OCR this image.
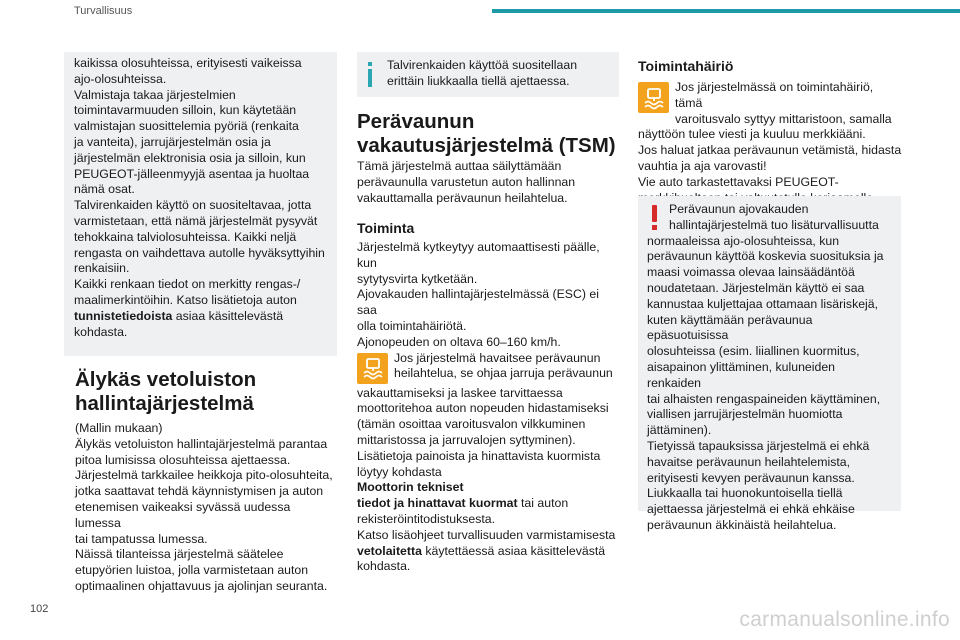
Turvallisuus

kaikissa olosuhteissa, erityisesti vaikeissa

ajo-olosuhteissa.

Valmistaja takaa järjestelmien

toimintavarmuuden silloin, kun käytetään

valmistajan suosittelemia pyöriä (renkaita

ja vanteita), jarrujärjestelmän osia ja

järjestelmän elektronisia osia ja silloin, kun

PEUGEOT-jälleenmyyjä asentaa ja huoltaa

nämä osat.

Talvirenkaiden käyttö on suositeltavaa, jotta

varmistetaan, että nämä järjestelmät pysyvät

tehokkaina talviolosuhteissa. Kaikki neljä

rengasta on vaihdettava autolle hyväksyttyihin

renkaisiin.

Kaikki renkaan tiedot on merkitty rengas-/

maalimerkintöihin. Katso lisätietoja auton

tunnistetiedoista asiaa käsittelevästä

kohdasta.

Älykäs vetoluiston

hallintajärjestelmä

(Mallin mukaan)

Älykäs vetoluiston hallintajärjestelmä parantaa

pitoa lumisissa olosuhteissa ajettaessa.

Järjestelmä tarkkailee heikkoja pito-olosuhteita,

jotka saattavat tehdä käynnistymisen ja auton

etenemisen vaikeaksi syvässä uudessa lumessa

tai tampatussa lumessa.

Näissä tilanteissa järjestelmä säätelee

etupyörien luistoa, jolla varmistetaan auton

optimaalinen ohjattavuus ja ajolinjan seuranta.

Talvirenkaiden käyttöä suositellaan

erittäin liukkaalla tiellä ajettaessa.

Perävaunun

vakautusjärjestelmä (TSM)

Tämä järjestelmä auttaa säilyttämään

perävaunulla varustetun auton hallinnan

vakauttamalla perävaunun heilahtelua.

Toiminta

Järjestelmä kytkeytyy automaattisesti päälle, kun

sytytysvirta kytketään.

Ajovakauden hallintajärjestelmässä (ESC) ei saa

olla toimintahäiriötä.

Ajonopeuden on oltava 60–160 km/h.

Jos järjestelmä havaitsee perävaunun

heilahtelua, se ohjaa jarruja perävaunun

vakauttamiseksi ja laskee tarvittaessa

moottoritehoa auton nopeuden hidastamiseksi

(tämän osoittaa varoitusvalon vilkkuminen

mittaristossa ja jarruvalojen syttyminen).

Lisätietoja painoista ja hinattavista kuormista

löytyy kohdasta

Moottorin tekniset

tiedot ja hinattavat kuormat tai auton

rekisteröintitodistuksesta.

Katso lisäohjeet turvallisuuden varmistamisesta

vetolaitetta käytettäessä asiaa käsittelevästä

kohdasta.

Toimintahäiriö

Jos järjestelmässä on toimintahäiriö, tämä

varoitusvalo syttyy mittaristoon, samalla

näyttöön tulee viesti ja kuuluu merkkiääni.

Jos haluat jatkaa perävaunun vetämistä, hidasta

vauhtia ja aja varovasti!

Vie auto tarkastettavaksi PEUGEOT-

Perävaunun ajovakauden

hallintajärjestelmä tuo lisäturvallisuutta

normaaleissa ajo-olosuhteissa, kun

perävaunun käyttöä koskevia suosituksia ja

maasi voimassa olevaa lainsäädäntöä

noudatetaan. Järjestelmän käyttö ei saa

kannustaa kuljettajaa ottamaan lisäriskejä,

kuten käyttämään perävaunua epäsuotuisissa

olosuhteissa (esim. liiallinen kuormitus,

aisapainon ylittäminen, kuluneiden renkaiden

tai alhaisten rengaspaineiden käyttäminen,

viallisen jarrujärjestelmän huomiotta

jättäminen).

Tietyissä tapauksissa järjestelmä ei ehkä

havaitse perävaunun heilahtelemista,

erityisesti kevyen perävaunun kanssa.

Liukkaalla tai huonokuntoisella tiellä

ajettaessa järjestelmä ei ehkä ehkäise

perävaunun äkkinäistä heilahtelua.

102	carmanualsonline.info
